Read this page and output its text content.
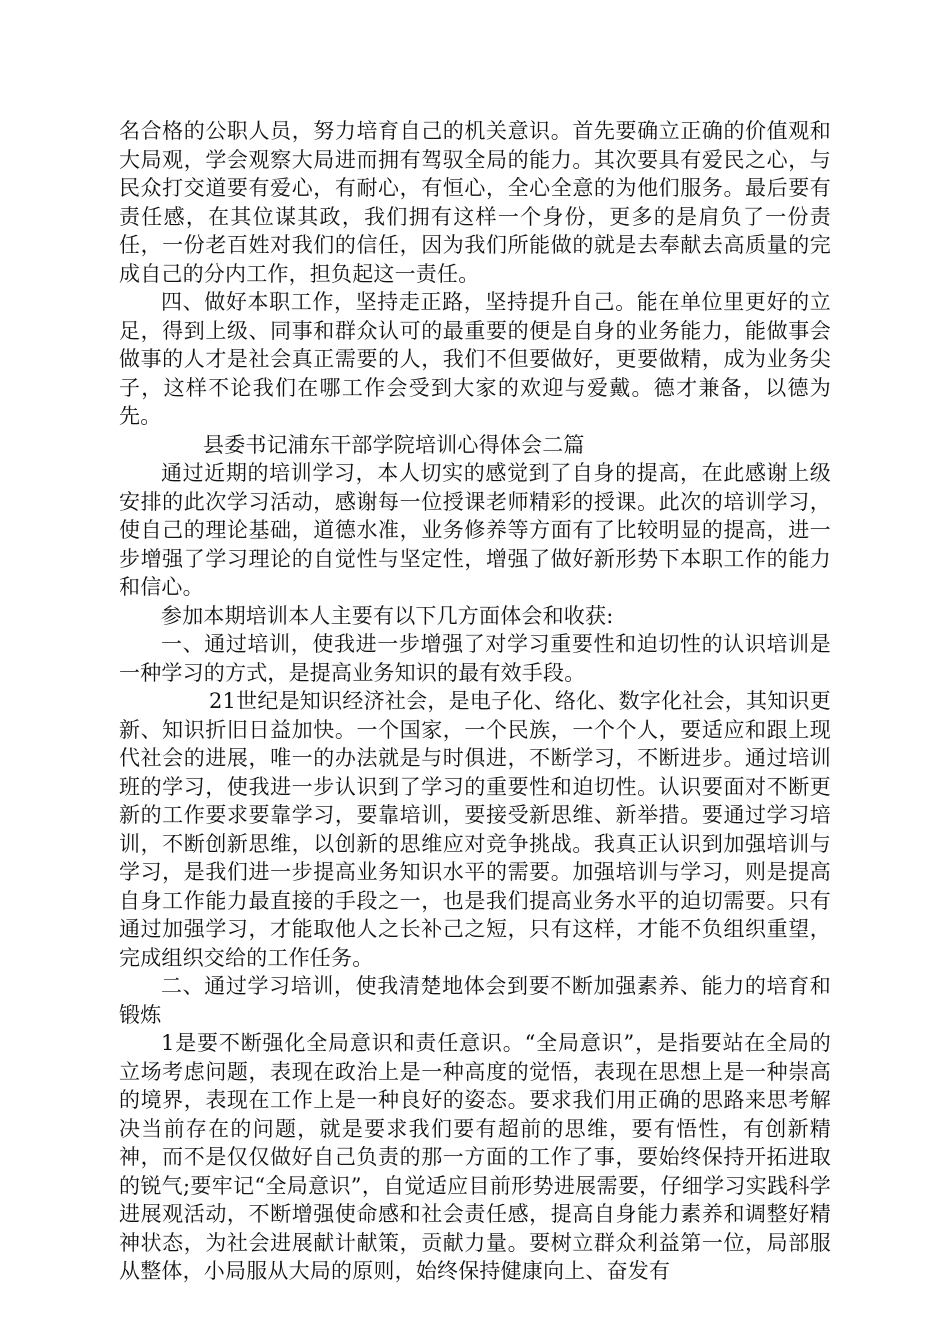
名合格的公职人员，努力培育自己的机关意识。首先要确立正确的价值观和大局观，学会观察大局进而拥有驾驭全局的能力。其次要具有爱民之心，与民众打交道要有爱心，有耐心，有恒心，全心全意的为他们服务。最后要有责任感，在其位谋其政，我们拥有这样一个身份，更多的是肩负了一份责任，一份老百姓对我们的信任，因为我们所能做的就是去奉献去高质量的完成自己的分内工作，担负起这一责任。

四、做好本职工作，坚持走正路，坚持提升自己。能在单位里更好的立足，得到上级、同事和群众认可的最重要的便是自身的业务能力，能做事会做事的人才是社会真正需要的人，我们不但要做好，更要做精，成为业务尖子，这样不论我们在哪工作会受到大家的欢迎与爱戴。德才兼备，以德为先。

县委书记浦东干部学院培训心得体会二篇

通过近期的培训学习，本人切实的感觉到了自身的提高，在此感谢上级安排的此次学习活动，感谢每一位授课老师精彩的授课。此次的培训学习，使自己的理论基础，道德水准，业务修养等方面有了比较明显的提高，进一步增强了学习理论的自觉性与坚定性，增强了做好新形势下本职工作的能力和信心。

参加本期培训本人主要有以下几方面体会和收获:

一、通过培训，使我进一步增强了对学习重要性和迫切性的认识培训是一种学习的方式，是提高业务知识的最有效手段。

21世纪是知识经济社会，是电子化、络化、数字化社会，其知识更新、知识折旧日益加快。一个国家，一个民族，一个个人，要适应和跟上现代社会的进展，唯一的办法就是与时俱进，不断学习，不断进步。通过培训班的学习，使我进一步认识到了学习的重要性和迫切性。认识要面对不断更新的工作要求要靠学习，要靠培训，要接受新思维、新举措。要通过学习培训，不断创新思维，以创新的思维应对竞争挑战。我真正认识到加强培训与学习，是我们进一步提高业务知识水平的需要。加强培训与学习，则是提高自身工作能力最直接的手段之一，也是我们提高业务水平的迫切需要。只有通过加强学习，才能取他人之长补己之短，只有这样，才能不负组织重望，完成组织交给的工作任务。

二、通过学习培训，使我清楚地体会到要不断加强素养、能力的培育和锻炼

1是要不断强化全局意识和责任意识。“全局意识”，是指要站在全局的立场考虑问题，表现在政治上是一种高度的觉悟，表现在思想上是一种崇高的境界，表现在工作上是一种良好的姿态。要求我们用正确的思路来思考解决当前存在的问题，就是要求我们要有超前的思维，要有悟性，有创新精神，而不是仅仅做好自己负责的那一方面的工作了事，要始终保持开拓进取的锐气;要牢记“全局意识”，自觉适应目前形势进展需要，仔细学习实践科学进展观活动，不断增强使命感和社会责任感，提高自身能力素养和调整好精神状态，为社会进展献计献策，贡献力量。要树立群众利益第一位，局部服从整体，小局服从大局的原则，始终保持健康向上、奋发有
